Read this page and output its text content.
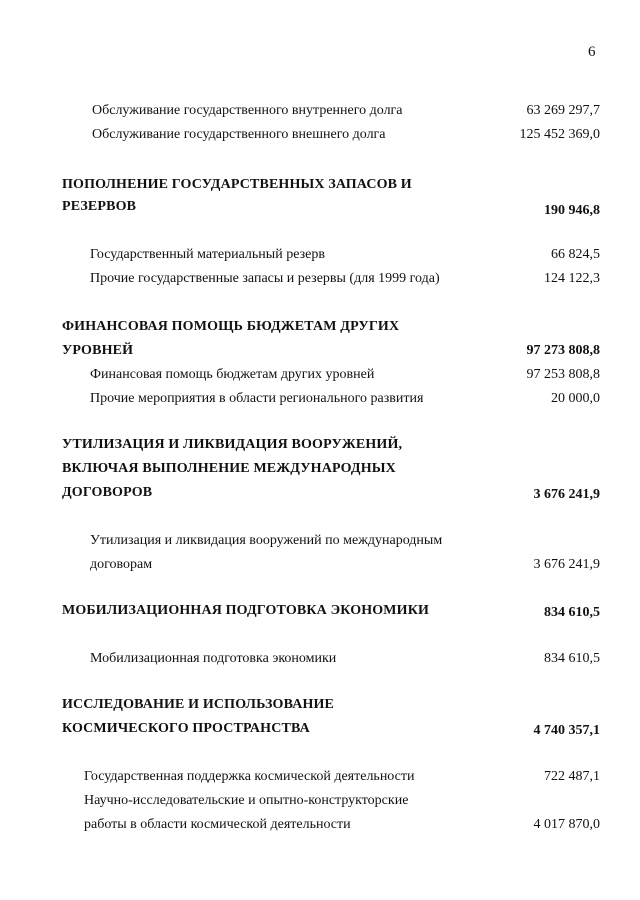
6
Обслуживание государственного внутреннего долга	63 269 297,7
Обслуживание государственного внешнего долга	125 452 369,0
ПОПОЛНЕНИЕ ГОСУДАРСТВЕННЫХ ЗАПАСОВ И
РЕЗЕРВОВ	190 946,8
Государственный материальный резерв	66 824,5
Прочие государственные запасы и резервы (для 1999 года)	124 122,3
ФИНАНСОВАЯ ПОМОЩЬ БЮДЖЕТАМ ДРУГИХ
УРОВНЕЙ	97 273 808,8
Финансовая помощь бюджетам других уровней	97 253 808,8
Прочие мероприятия в области регионального развития	20 000,0
УТИЛИЗАЦИЯ И ЛИКВИДАЦИЯ ВООРУЖЕНИЙ,
ВКЛЮЧАЯ ВЫПОЛНЕНИЕ МЕЖДУНАРОДНЫХ
ДОГОВОРОВ	3 676 241,9
Утилизация и ликвидация вооружений по международным
договорам	3 676 241,9
МОБИЛИЗАЦИОННАЯ ПОДГОТОВКА ЭКОНОМИКИ	834 610,5
Мобилизационная подготовка экономики	834 610,5
ИССЛЕДОВАНИЕ И ИСПОЛЬЗОВАНИЕ
КОСМИЧЕСКОГО ПРОСТРАНСТВА	4 740 357,1
Государственная поддержка космической деятельности	722 487,1
Научно-исследовательские и опытно-конструкторские
работы в области космической деятельности	4 017 870,0
